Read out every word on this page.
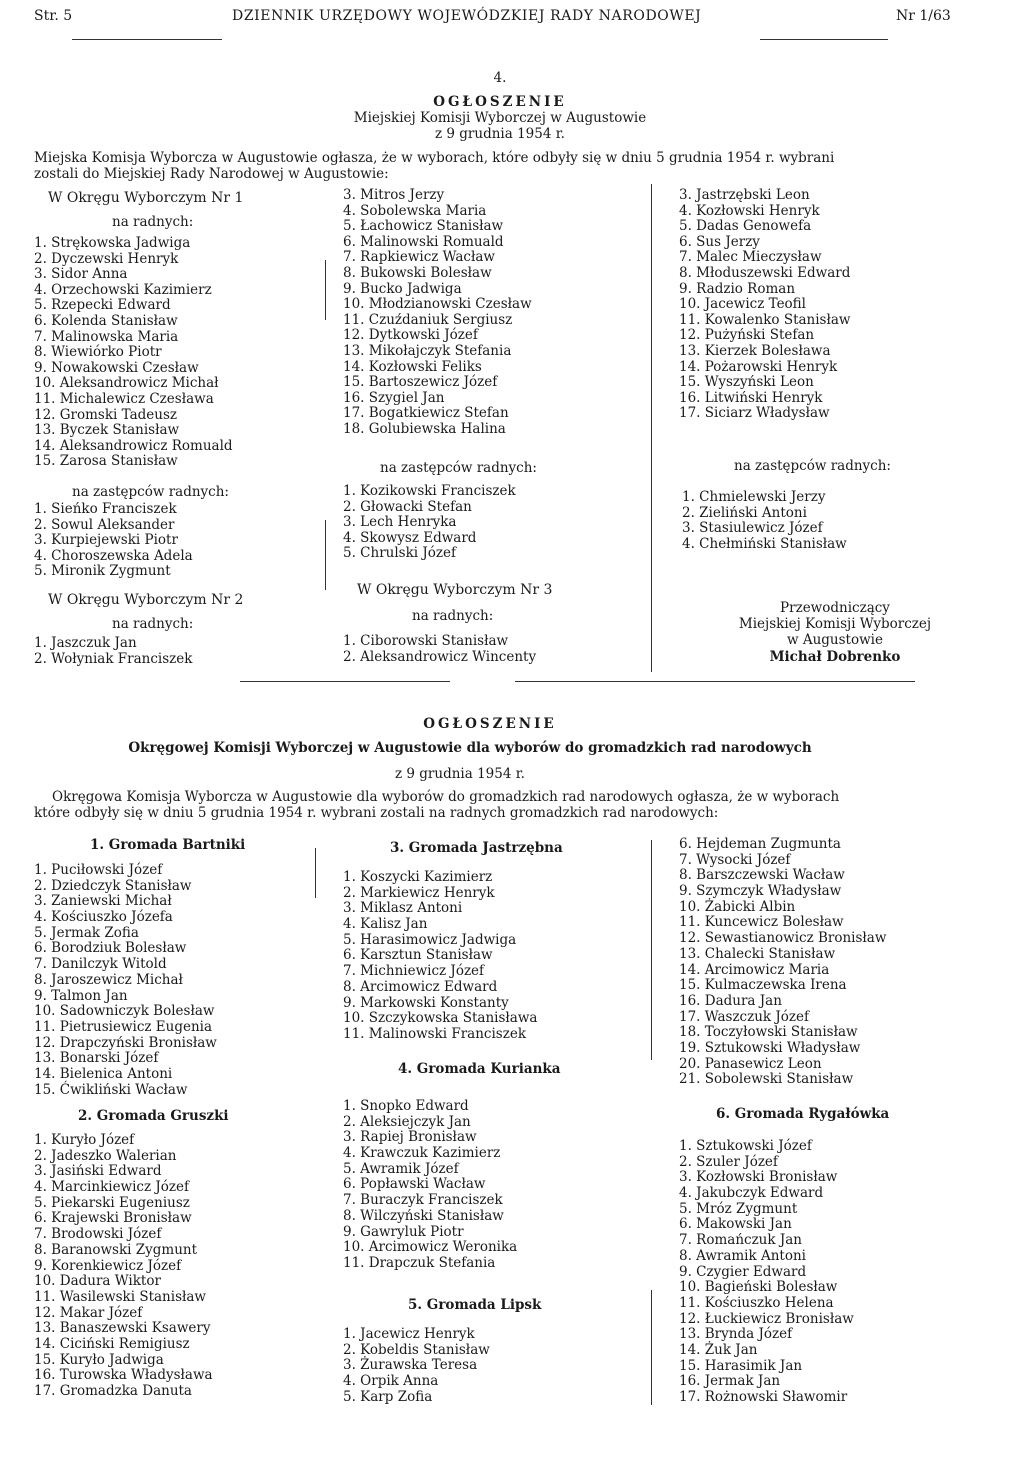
Str. 5	DZIENNIK URZĘDOWY WOJEWÓDZKIEJ RADY NARODOWEJ	Nr 1/63
4.
OGŁOSZENIE
Miejskiej Komisji Wyborczej w Augustowie
z 9 grudnia 1954 r.
Miejska Komisja Wyborcza w Augustowie ogłasza, że w wyborach, które odbyły się w dniu 5 grudnia 1954 r. wybrani
zostali do Miejskiej Rady Narodowej w Augustowie:
W Okręgu Wyborczym Nr 1
na radnych:
1. Strękowska Jadwiga
2. Dyczewski Henryk
3. Sidor Anna
4. Orzechowski Kazimierz
5. Rzepecki Edward
6. Kolenda Stanisław
7. Malinowska Maria
8. Wiewiórko Piotr
9. Nowakowski Czesław
10. Aleksandrowicz Michał
11. Michalewicz Czesława
12. Gromski Tadeusz
13. Byczek Stanisław
14. Aleksandrowicz Romuald
15. Zarosa Stanisław
na zastępców radnych:
1. Sieńko Franciszek
2. Sowul Aleksander
3. Kurpiejewski Piotr
4. Choroszewska Adela
5. Mironik Zygmunt
W Okręgu Wyborczym Nr 2
na radnych:
1. Jaszczuk Jan
2. Wołyniak Franciszek
3. Mitros Jerzy
4. Sobolewska Maria
5. Łachowicz Stanisław
6. Malinowski Romuald
7. Rapkiewicz Wacław
8. Bukowski Bolesław
9. Bucko Jadwiga
10. Młodzianowski Czesław
11. Czuźdaniuk Sergiusz
12. Dytkowski Józef
13. Mikołajczyk Stefania
14. Kozłowski Feliks
15. Bartoszewicz Józef
16. Szygiel Jan
17. Bogatkiewicz Stefan
18. Golubiewska Halina
na zastępców radnych:
1. Kozikowski Franciszek
2. Głowacki Stefan
3. Lech Henryka
4. Skowysz Edward
5. Chrulski Józef
W Okręgu Wyborczym Nr 3
na radnych:
1. Ciborowski Stanisław
2. Aleksandrowicz Wincenty
3. Jastrzębski Leon
4. Kozłowski Henryk
5. Dadas Genowefa
6. Sus Jerzy
7. Malec Mieczysław
8. Młoduszewski Edward
9. Radzio Roman
10. Jacewicz Teofil
11. Kowalenko Stanisław
12. Pużyński Stefan
13. Kierzek Bolesława
14. Pożarowski Henryk
15. Wyszyński Leon
16. Litwiński Henryk
17. Siciarz Władysław
na zastępców radnych:
1. Chmielewski Jerzy
2. Zieliński Antoni
3. Stasiulewicz Józef
4. Chełmiński Stanisław
Przewodniczący
Miejskiej Komisji Wyborczej
w Augustowie
Michał Dobrenko
OGŁOSZENIE
Okręgowej Komisji Wyborczej w Augustowie dla wyborów do gromadzkich rad narodowych
z 9 grudnia 1954 r.
Okręgowa Komisja Wyborcza w Augustowie dla wyborów do gromadzkich rad narodowych ogłasza, że w wyborach
które odbyły się w dniu 5 grudnia 1954 r. wybrani zostali na radnych gromadzkich rad narodowych:
1. Gromada Bartniki
1. Puciłowski Józef
2. Dziedczyk Stanisław
3. Zaniewski Michał
4. Kościuszko Józefa
5. Jermak Zofia
6. Borodziuk Bolesław
7. Danilczyk Witold
8. Jaroszewicz Michał
9. Talmon Jan
10. Sadowniczyk Bolesław
11. Pietrusiewicz Eugenia
12. Drapczyński Bronisław
13. Bonarski Józef
14. Bielenica Antoni
15. Ćwikliński Wacław
2. Gromada Gruszki
1. Kuryło Józef
2. Jadeszko Walerian
3. Jasiński Edward
4. Marcinkiewicz Józef
5. Piekarski Eugeniusz
6. Krajewski Bronisław
7. Brodowski Józef
8. Baranowski Zygmunt
9. Korenkiewicz Józef
10. Dadura Wiktor
11. Wasilewski Stanisław
12. Makar Józef
13. Banaszewski Ksawery
14. Ciciński Remigiusz
15. Kuryło Jadwiga
16. Turowska Władysława
17. Gromadzka Danuta
3. Gromada Jastrzębna
1. Koszycki Kazimierz
2. Markiewicz Henryk
3. Miklasz Antoni
4. Kalisz Jan
5. Harasimowicz Jadwiga
6. Karsztun Stanisław
7. Michniewicz Józef
8. Arcimowicz Edward
9. Markowski Konstanty
10. Szczykowska Stanisława
11. Malinowski Franciszek
4. Gromada Kurianka
1. Snopko Edward
2. Aleksiejczyk Jan
3. Rapiej Bronisław
4. Krawczuk Kazimierz
5. Awramik Józef
6. Popławski Wacław
7. Buraczyk Franciszek
8. Wilczyński Stanisław
9. Gawryluk Piotr
10. Arcimowicz Weronika
11. Drapczuk Stefania
5. Gromada Lipsk
1. Jacewicz Henryk
2. Kobeldis Stanisław
3. Żurawska Teresa
4. Orpik Anna
5. Karp Zofia
6. Hejdeman Zugmunta
7. Wysocki Józef
8. Barszczewski Wacław
9. Szymczyk Władysław
10. Żabicki Albin
11. Kuncewicz Bolesław
12. Sewastianowicz Bronisław
13. Chalecki Stanisław
14. Arcimowicz Maria
15. Kulmaczewska Irena
16. Dadura Jan
17. Waszczuk Józef
18. Toczyłowski Stanisław
19. Sztukowski Władysław
20. Panasewicz Leon
21. Sobolewski Stanisław
6. Gromada Rygałówka
1. Sztukowski Józef
2. Szuler Józef
3. Kozłowski Bronisław
4. Jakubczyk Edward
5. Mróz Zygmunt
6. Makowski Jan
7. Romańczuk Jan
8. Awramik Antoni
9. Czygier Edward
10. Bagieński Bolesław
11. Kościuszko Helena
12. Łuckiewicz Bronisław
13. Brynda Józef
14. Żuk Jan
15. Harasimik Jan
16. Jermak Jan
17. Rożnowski Sławomir
